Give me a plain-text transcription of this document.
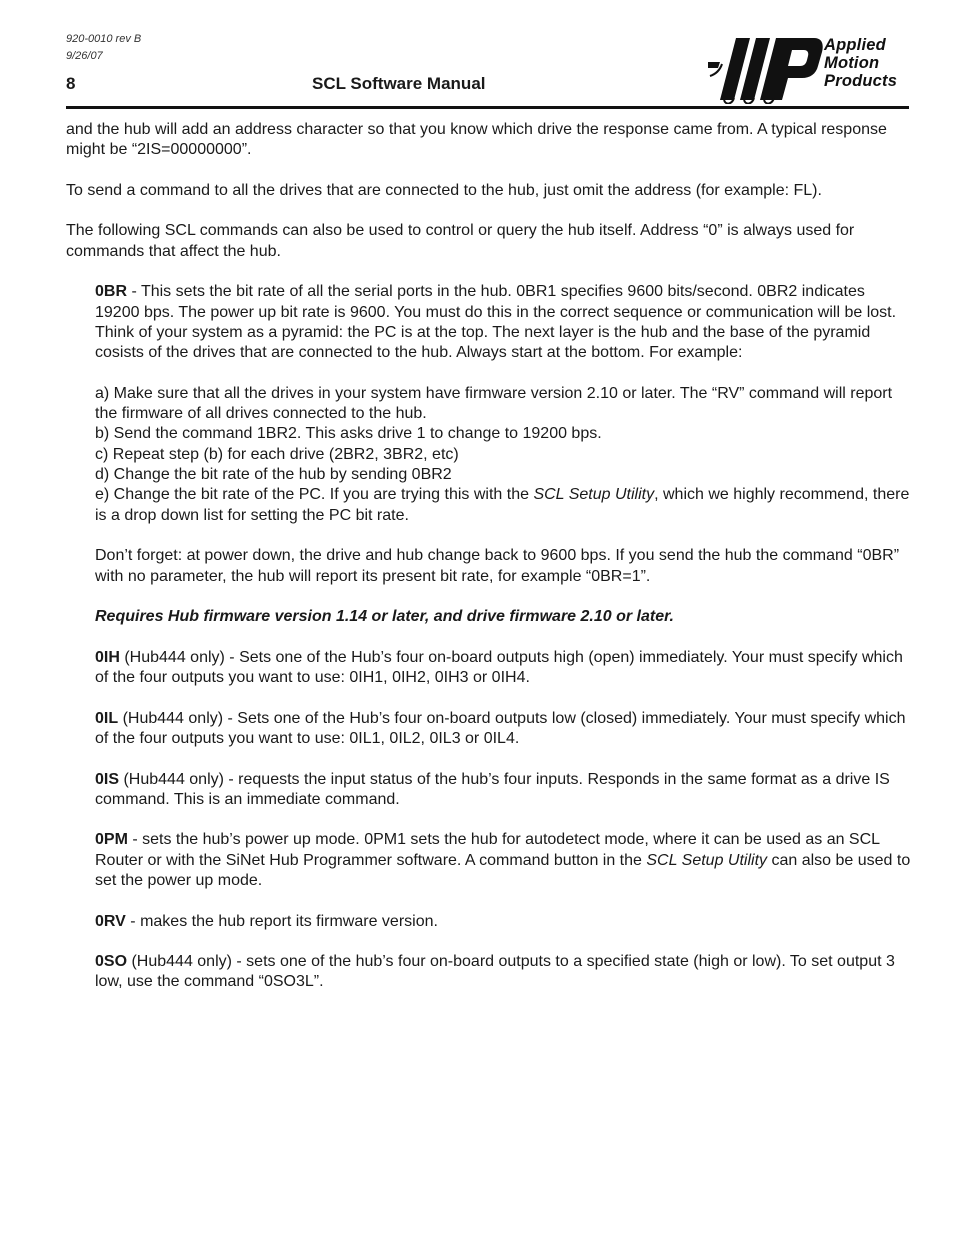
920-0010 rev B
9/26/07
8	SCL Software Manual
Applied
Motion
Products

and the hub will add an address character so that you know which drive the response came from. A typical response might be “2IS=00000000”.

To send a command to all the drives that are connected to the hub, just omit the address (for example: FL).

The following SCL commands can also be used to control or query the hub itself. Address “0” is always used for commands that affect the hub.

0BR - This sets the bit rate of all the serial ports in the hub. 0BR1 specifies 9600 bits/second. 0BR2 indicates 19200 bps. The power up bit rate is 9600. You must do this in the correct sequence or communication will be lost. Think of your system as a pyramid: the PC is at the top. The next layer is the hub and the base of the pyramid cosists of the drives that are connected to the hub. Always start at the bottom. For example:

a) Make sure that all the drives in your system have firmware version 2.10 or later. The “RV” command will report the firmware of all drives connected to the hub.

b) Send the command 1BR2. This asks drive 1 to change to 19200 bps.

c) Repeat step (b) for each drive (2BR2, 3BR2, etc)

d) Change the bit rate of the hub by sending 0BR2

e) Change the bit rate of the PC. If you are trying this with the SCL Setup Utility, which we highly recommend, there is a drop down list for setting the PC bit rate.

Don’t forget: at power down, the drive and hub change back to 9600 bps. If you send the hub the command “0BR” with no parameter, the hub will report its present bit rate, for example “0BR=1”.

Requires Hub firmware version 1.14 or later, and drive firmware 2.10 or later.

0IH (Hub444 only) - Sets one of the Hub’s four on-board outputs high (open) immediately. Your must specify which of the four outputs you want to use: 0IH1, 0IH2, 0IH3 or 0IH4.

0IL (Hub444 only) - Sets one of the Hub’s four on-board outputs low (closed) immediately. Your must specify which of the four outputs you want to use: 0IL1, 0IL2, 0IL3 or 0IL4.

0IS (Hub444 only) - requests the input status of the hub’s four inputs. Responds in the same format as a drive IS command. This is an immediate command.

0PM - sets the hub’s power up mode. 0PM1 sets the hub for autodetect mode, where it can be used as an SCL Router or with the SiNet Hub Programmer software. A command button in the SCL Setup Utility can also be used to set the power up mode.

0RV - makes the hub report its firmware version.

0SO (Hub444 only) - sets one of the hub’s four on-board outputs to a specified state (high or low). To set output 3 low, use the command “0SO3L”.
